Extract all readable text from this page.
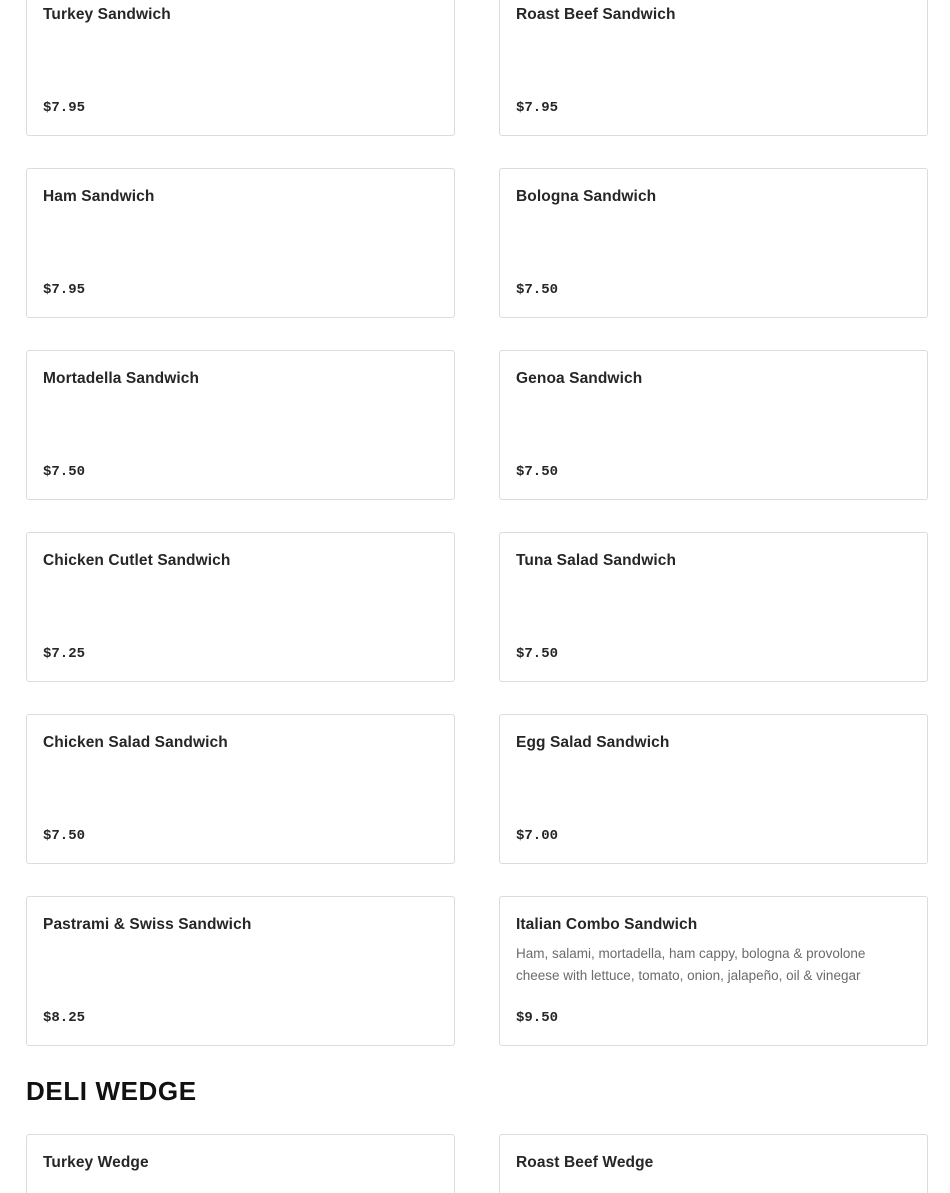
Turkey Sandwich
$7.95
Roast Beef Sandwich
$7.95
Ham Sandwich
$7.95
Bologna Sandwich
$7.50
Mortadella Sandwich
$7.50
Genoa Sandwich
$7.50
Chicken Cutlet Sandwich
$7.25
Tuna Salad Sandwich
$7.50
Chicken Salad Sandwich
$7.50
Egg Salad Sandwich
$7.00
Pastrami & Swiss Sandwich
$8.25
Italian Combo Sandwich
Ham, salami, mortadella, ham cappy, bologna & provolone cheese with lettuce, tomato, onion, jalapeño, oil & vinegar
$9.50
DELI WEDGE
Turkey Wedge	Roast Beef Wedge
